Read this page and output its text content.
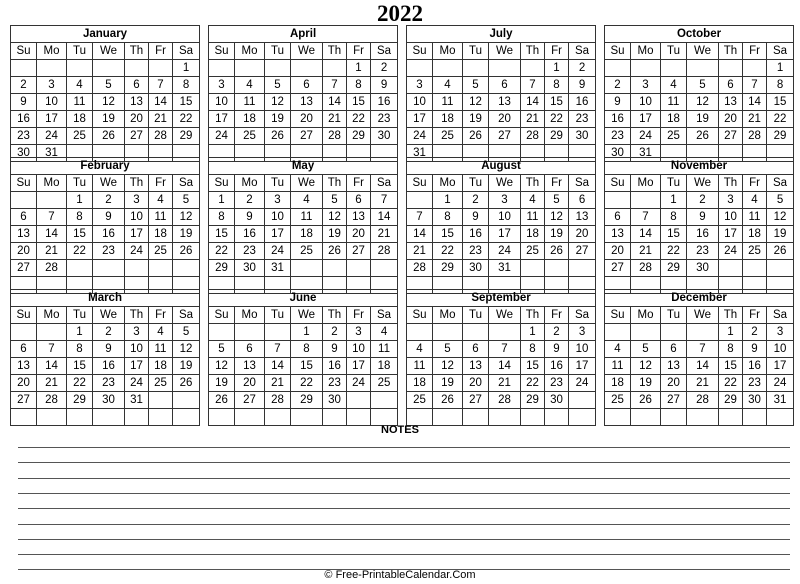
2022
January						
Su	Mo	Tu	We	Th	Fr	Sa
						1
2	3	4	5	6	7	8
9	10	11	12	13	14	15
16	17	18	19	20	21	22
23	24	25	26	27	28	29
30	31					
April						
Su	Mo	Tu	We	Th	Fr	Sa
					1	2
3	4	5	6	7	8	9
10	11	12	13	14	15	16
17	18	19	20	21	22	23
24	25	26	27	28	29	30

July						
Su	Mo	Tu	We	Th	Fr	Sa
					1	2
3	4	5	6	7	8	9
10	11	12	13	14	15	16
17	18	19	20	21	22	23
24	25	26	27	28	29	30
31						
October						
Su	Mo	Tu	We	Th	Fr	Sa
						1
2	3	4	5	6	7	8
9	10	11	12	13	14	15
16	17	18	19	20	21	22
23	24	25	26	27	28	29
30	31					
February						
Su	Mo	Tu	We	Th	Fr	Sa
		1	2	3	4	5
6	7	8	9	10	11	12
13	14	15	16	17	18	19
20	21	22	23	24	25	26
27	28					

May						
Su	Mo	Tu	We	Th	Fr	Sa
1	2	3	4	5	6	7
8	9	10	11	12	13	14
15	16	17	18	19	20	21
22	23	24	25	26	27	28
29	30	31				

August						
Su	Mo	Tu	We	Th	Fr	Sa
	1	2	3	4	5	6
7	8	9	10	11	12	13
14	15	16	17	18	19	20
21	22	23	24	25	26	27
28	29	30	31			

November						
Su	Mo	Tu	We	Th	Fr	Sa
		1	2	3	4	5
6	7	8	9	10	11	12
13	14	15	16	17	18	19
20	21	22	23	24	25	26
27	28	29	30			

March						
Su	Mo	Tu	We	Th	Fr	Sa
		1	2	3	4	5
6	7	8	9	10	11	12
13	14	15	16	17	18	19
20	21	22	23	24	25	26
27	28	29	30	31		

June						
Su	Mo	Tu	We	Th	Fr	Sa
			1	2	3	4
5	6	7	8	9	10	11
12	13	14	15	16	17	18
19	20	21	22	23	24	25
26	27	28	29	30		

September						
Su	Mo	Tu	We	Th	Fr	Sa
				1	2	3
4	5	6	7	8	9	10
11	12	13	14	15	16	17
18	19	20	21	22	23	24
25	26	27	28	29	30	

December						
Su	Mo	Tu	We	Th	Fr	Sa
				1	2	3
4	5	6	7	8	9	10
11	12	13	14	15	16	17
18	19	20	21	22	23	24
25	26	27	28	29	30	31

NOTES
© Free-PrintableCalendar.Com
